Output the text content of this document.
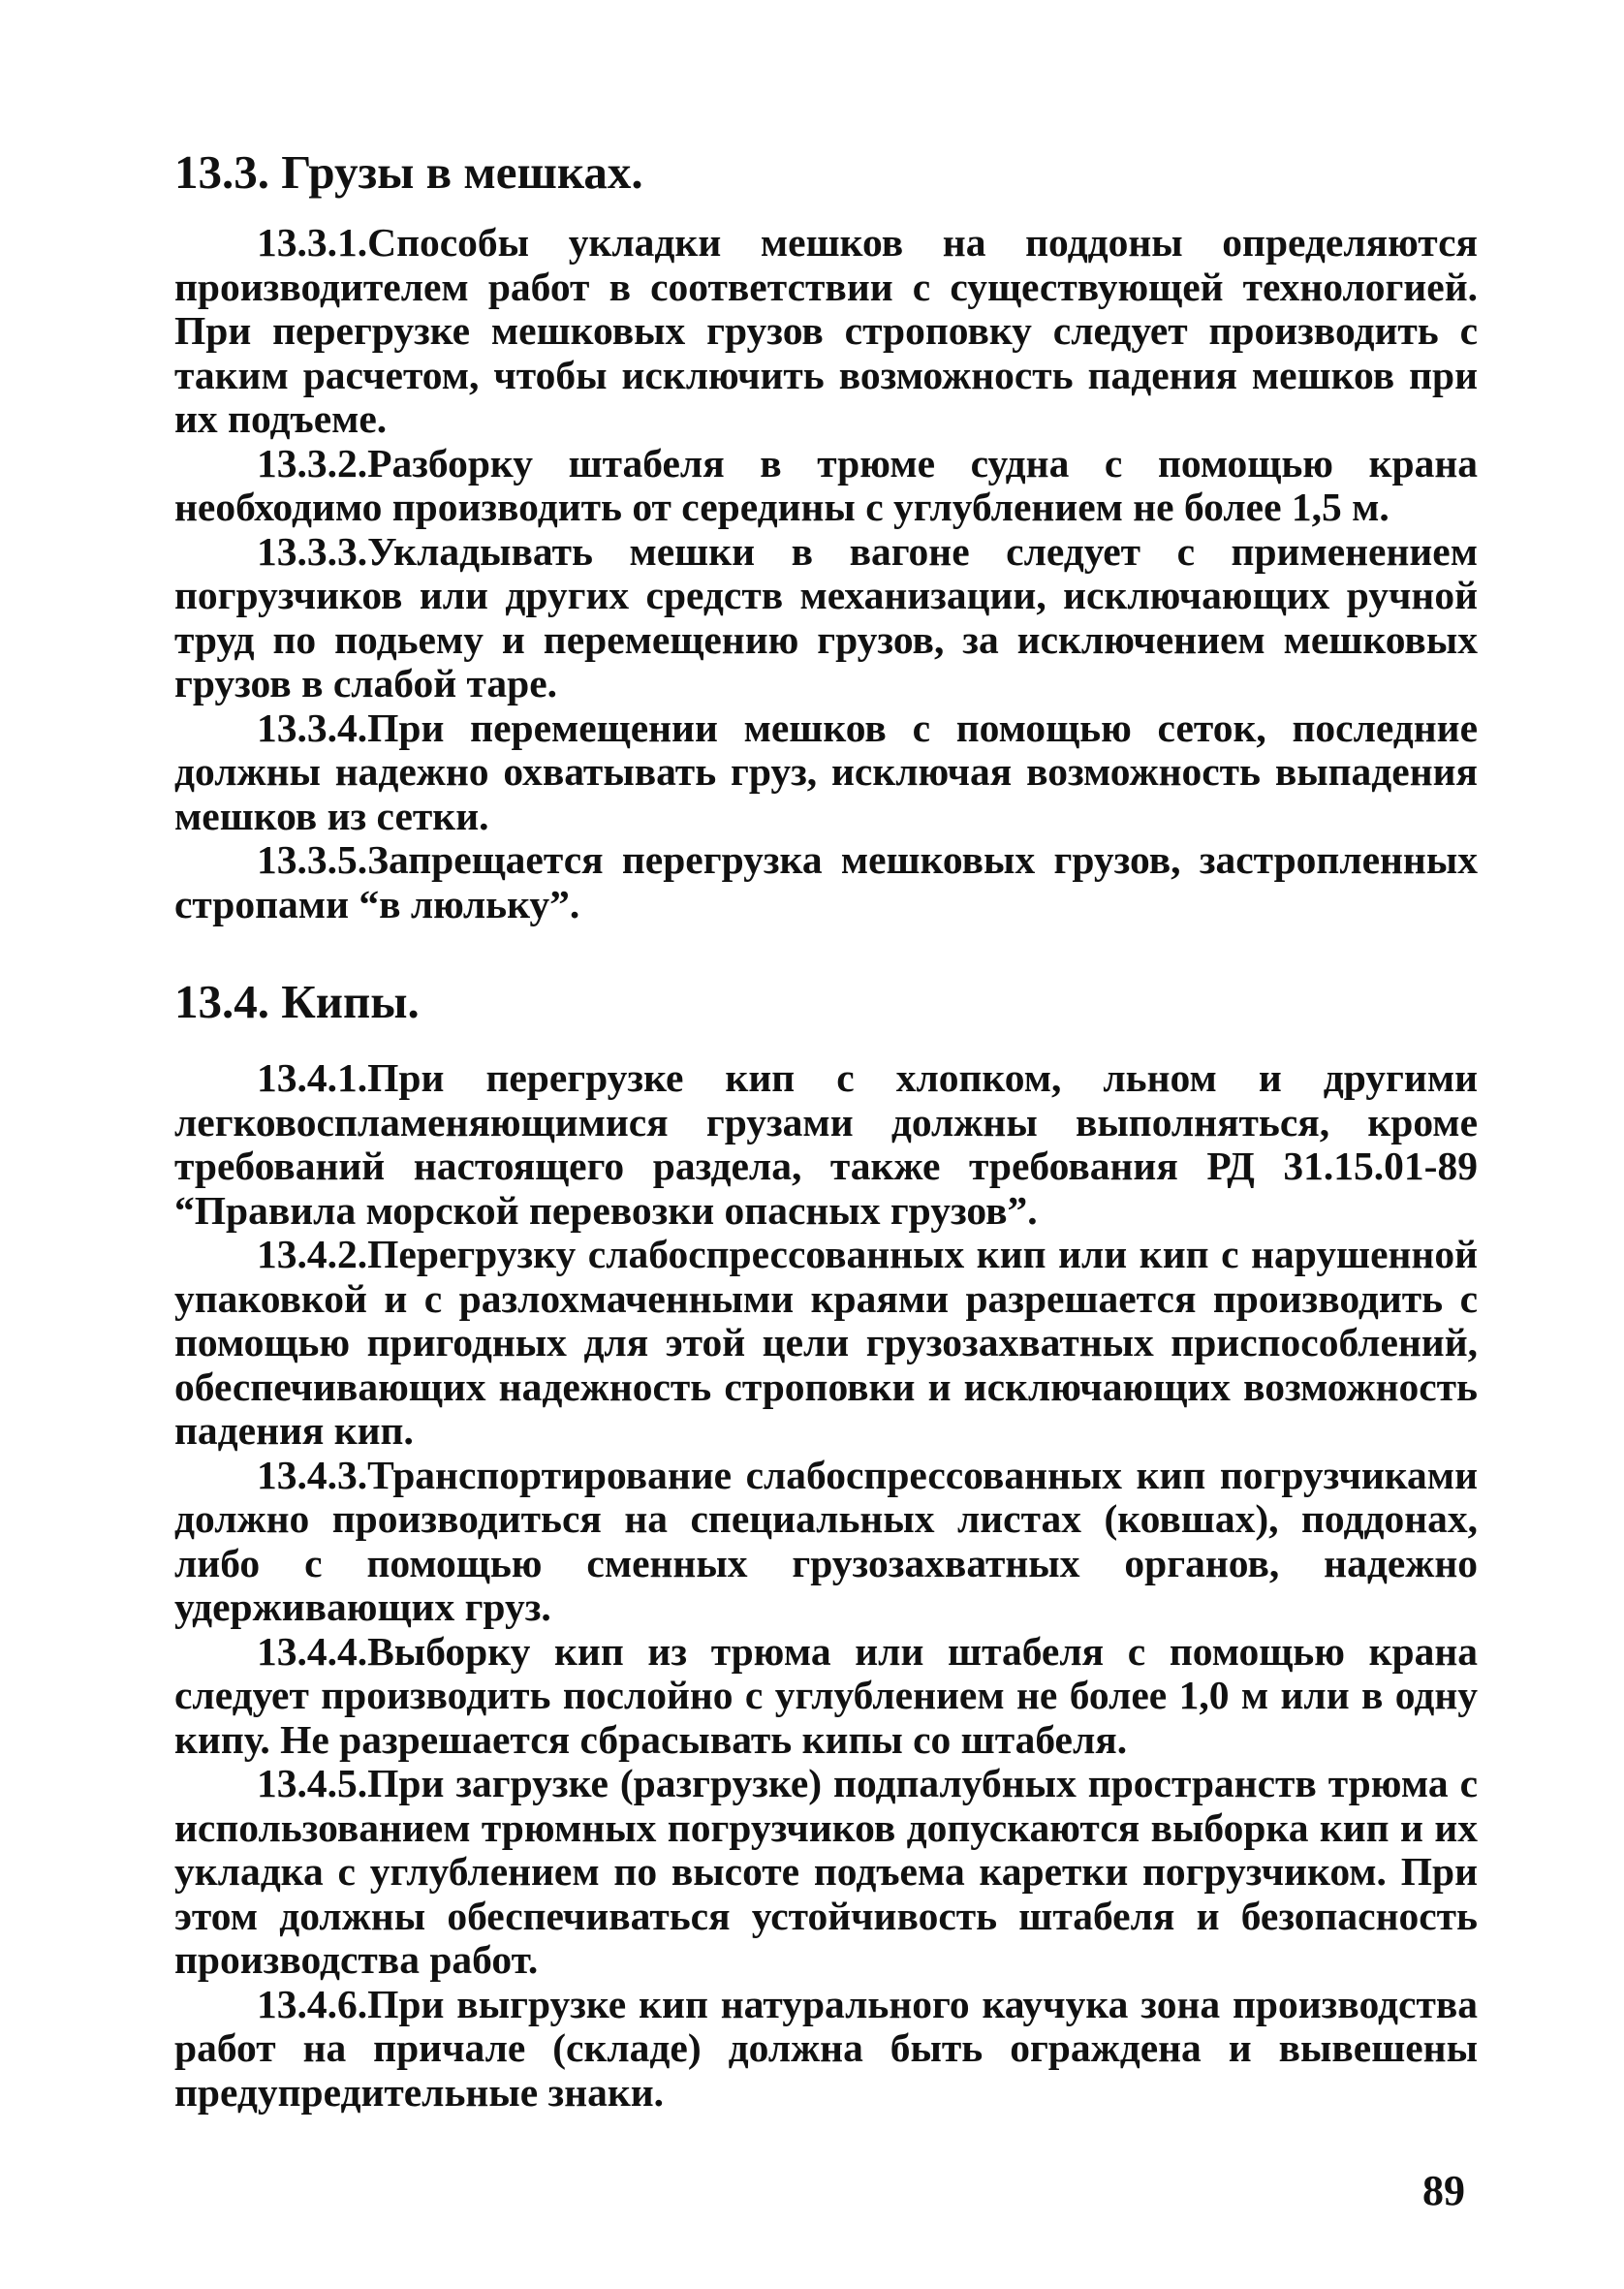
13.3. Грузы в мешках.

13.3.1.Способы укладки мешков на поддоны определяются производителем работ в соответствии с существующей технологией. При перегрузке мешковых грузов строповку следует производить с таким расчетом, чтобы исключить возможность падения мешков при их подъеме.

13.3.2.Разборку штабеля в трюме судна с помощью крана необходимо производить от середины с углублением не более 1,5 м.

13.3.3.Укладывать мешки в вагоне следует с применением погрузчиков или других средств механизации, исключающих ручной труд по подьему и перемещению грузов, за исключением мешковых грузов в слабой таре.

13.3.4.При перемещении мешков с помощью сеток, последние должны надежно охватывать груз, исключая возможность выпадения мешков из сетки.

13.3.5.Запрещается перегрузка мешковых грузов, застропленных стропами “в люльку”.

13.4. Кипы.

13.4.1.При перегрузке кип с хлопком, льном и другими легковоспламеняющимися грузами должны выполняться, кроме требований настоящего раздела, также требования РД 31.15.01-89 “Правила морской перевозки опасных грузов”.

13.4.2.Перегрузку слабоспрессованных кип или кип с нарушенной упаковкой и с разлохмаченными краями разрешается производить с помощью пригодных для этой цели грузозахватных приспособлений, обеспечивающих надежность строповки и исключающих возможность падения кип.

13.4.3.Транспортирование слабоспрессованных кип погрузчиками должно производиться на специальных листах (ковшах), поддонах, либо с помощью сменных грузозахватных органов, надежно удерживающих груз.

13.4.4.Выборку кип из трюма или штабеля с помощью крана следует производить послойно с углублением не более 1,0 м или в одну кипу. Не разрешается сбрасывать кипы со штабеля.

13.4.5.При загрузке (разгрузке) подпалубных пространств трюма с использованием трюмных погрузчиков допускаются выборка кип и их укладка с углублением по высоте подъема каретки погрузчиком. При этом должны обеспечиваться устойчивость штабеля и безопасность производства работ.

13.4.6.При выгрузке кип натурального каучука зона производства работ на причале (складе) должна быть ограждена и вывешены предупредительные знаки.

89
